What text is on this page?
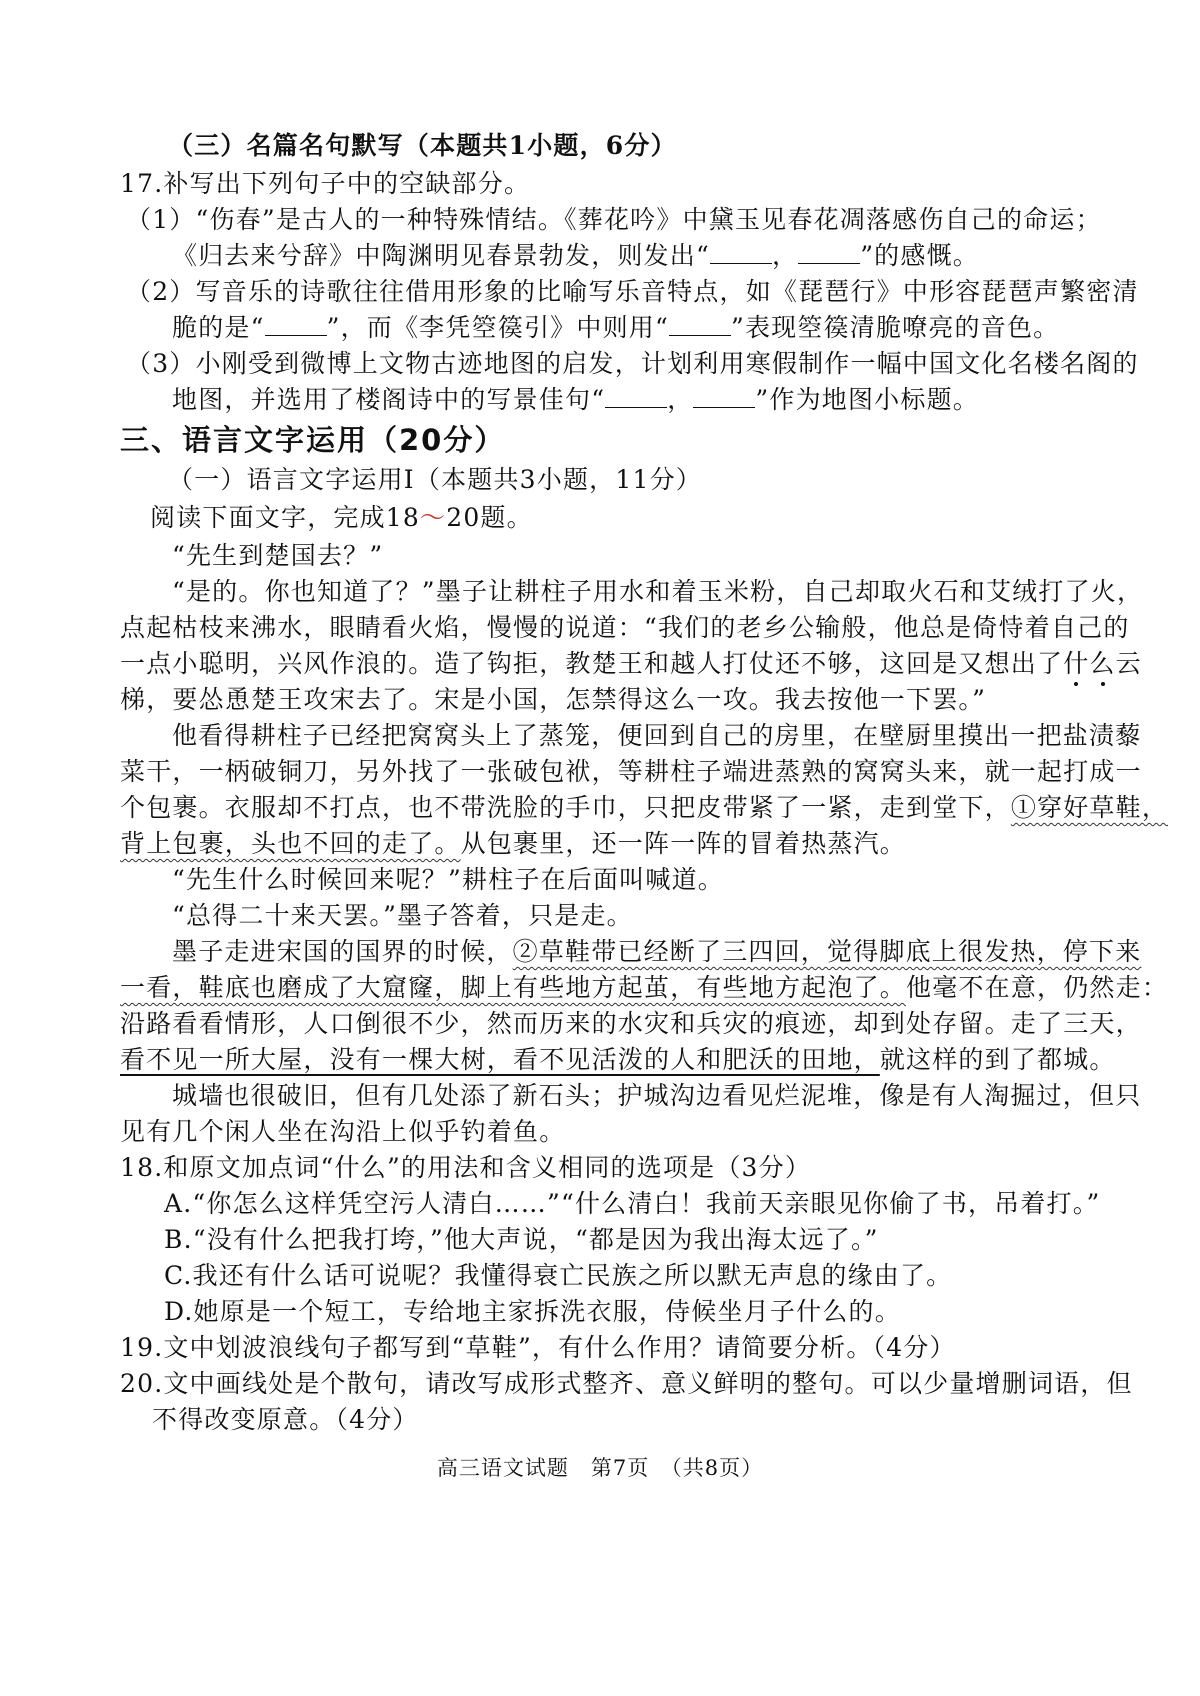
（三）名篇名句默写（本题共1小题，6分）
17.补写出下列句子中的空缺部分。
（1）“伤春”是古人的一种特殊情结。《葬花吟》中黛玉见春花凋落感伤自己的命运；
《归去来兮辞》中陶渊明见春景勃发，则发出“ ， ”的感慨。
（2）写音乐的诗歌往往借用形象的比喻写乐音特点，如《琵琶行》中形容琵琶声繁密清
脆的是“ ”，而《李凭箜篌引》中则用“ ”表现箜篌清脆嘹亮的音色。
（3）小刚受到微博上文物古迹地图的启发，计划利用寒假制作一幅中国文化名楼名阁的
地图，并选用了楼阁诗中的写景佳句“ ， ”作为地图小标题。
三、语言文字运用（20分）
（一）语言文字运用Ⅰ（本题共3小题，11分）
阅读下面文字，完成18～20题。
“先生到楚国去？”
“是的。你也知道了？”墨子让耕柱子用水和着玉米粉，自己却取火石和艾绒打了火，
点起枯枝来沸水，眼睛看火焰，慢慢的说道：“我们的老乡公输般，他总是倚恃着自己的
一点小聪明，兴风作浪的。造了钩拒，教楚王和越人打仗还不够，这回是又想出了什么云
梯，要怂恿楚王攻宋去了。宋是小国，怎禁得这么一攻。我去按他一下罢。”
他看得耕柱子已经把窝窝头上了蒸笼，便回到自己的房里，在壁厨里摸出一把盐渍藜
菜干，一柄破铜刀，另外找了一张破包袱，等耕柱子端进蒸熟的窝窝头来，就一起打成一
个包裹。衣服却不打点，也不带洗脸的手巾，只把皮带紧了一紧，走到堂下，①穿好草鞋，
背上包裹，头也不回的走了。从包裹里，还一阵一阵的冒着热蒸汽。
“先生什么时候回来呢？”耕柱子在后面叫喊道。
“总得二十来天罢。”墨子答着，只是走。
墨子走进宋国的国界的时候，②草鞋带已经断了三四回，觉得脚底上很发热，停下来
一看，鞋底也磨成了大窟窿，脚上有些地方起茧，有些地方起泡了。他毫不在意，仍然走：
沿路看看情形，人口倒很不少，然而历来的水灾和兵灾的痕迹，却到处存留。走了三天，
看不见一所大屋，没有一棵大树，看不见活泼的人和肥沃的田地，就这样的到了都城。
城墙也很破旧，但有几处添了新石头；护城沟边看见烂泥堆，像是有人淘掘过，但只
见有几个闲人坐在沟沿上似乎钓着鱼。
18.和原文加点词“什么”的用法和含义相同的选项是（3分）
A.“你怎么这样凭空污人清白……”“什么清白！我前天亲眼见你偷了书，吊着打。”
B.“没有什么把我打垮，”他大声说，“都是因为我出海太远了。”
C.我还有什么话可说呢？我懂得衰亡民族之所以默无声息的缘由了。
D.她原是一个短工，专给地主家拆洗衣服，侍候坐月子什么的。
19.文中划波浪线句子都写到“草鞋”，有什么作用？请简要分析。（4分）
20.文中画线处是个散句，请改写成形式整齐、意义鲜明的整句。可以少量增删词语，但
不得改变原意。（4分）
高三语文试题　第7页　（共8页）
